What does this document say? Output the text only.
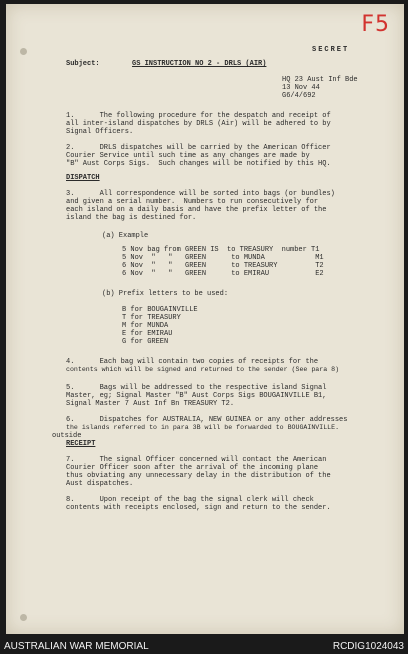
F5
SECRET
Subject:	GS INSTRUCTION NO 2 - DRLS (AIR)
HQ 23 Aust Inf Bde
13 Nov 44
G6/4/692
1.      The following procedure for the despatch and receipt of
all inter-island dispatches by DRLS (Air) will be adhered to by
Signal Officers.
2.      DRLS dispatches will be carried by the American Officer
Courier Service until such time as any changes are made by
"B" Aust Corps Sigs.  Such changes will be notified by this HQ.
DISPATCH
3.      All correspondence will be sorted into bags (or bundles)
and given a serial number.  Numbers to run consecutively for
each island on a daily basis and have the prefix letter of the
island the bag is destined for.
(a) Example
5 Nov bag from GREEN IS  to TREASURY  number T1
5 Nov  "   "   GREEN      to MUNDA            M1
6 Nov  "   "   GREEN      to TREASURY         T2
6 Nov  "   "   GREEN      to EMIRAU           E2
(b) Prefix letters to be used:
B for BOUGAINVILLE
T for TREASURY
M for MUNDA
E for EMIRAU
G for GREEN
4.      Each bag will contain two copies of receipts for the
contents which will be signed and returned to the sender (See para 8)
5.      Bags will be addressed to the respective island Signal
Master, eg; Signal Master "B" Aust Corps Sigs BOUGAINVILLE B1,
Signal Master 7 Aust Inf Bn TREASURY T2.
6.      Dispatches for AUSTRALIA, NEW GUINEA or any other addresses
the islands referred to in para 3B will be forwarded to BOUGAINVILLE.
outside
RECEIPT
7.      The signal Officer concerned will contact the American
Courier Officer soon after the arrival of the incoming plane
thus obviating any unnecessary delay in the distribution of the
Aust dispatches.
8.      Upon receipt of the bag the signal clerk will check
contents with receipts enclosed, sign and return to the sender.
AUSTRALIAN WAR MEMORIAL	RCDIG1024043
